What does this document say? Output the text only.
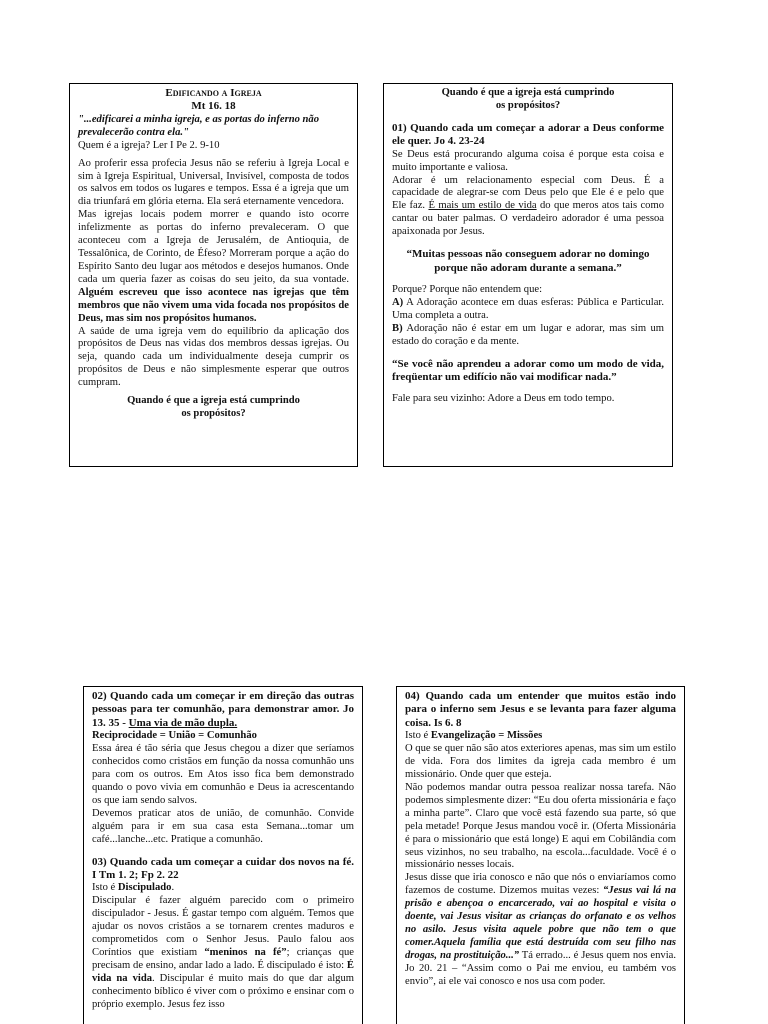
Edificando a Igreja

Mt 16. 18

"...edificarei a minha igreja, e as portas do inferno não prevalecerão contra ela."

Quem é a igreja? Ler I Pe 2. 9-10

Ao proferir essa profecia Jesus não se referiu à Igreja Local e sim à Igreja Espiritual, Universal, Invisível, composta de todos os salvos em todos os lugares e tempos. Essa é a igreja que um dia triunfará em glória eterna. Ela será eternamente vencedora.

Mas igrejas locais podem morrer e quando isto ocorre infelizmente as portas do inferno prevaleceram. O que aconteceu com a Igreja de Jerusalém, de Antioquia, de Tessalônica, de Corinto, de Éfeso? Morreram porque a ação do Espírito Santo deu lugar aos métodos e desejos humanos. Onde cada um queria fazer as coisas do seu jeito, da sua vontade. Alguém escreveu que isso acontece nas igrejas que têm membros que não vivem uma vida focada nos propósitos de Deus, mas sim nos propósitos humanos.

A saúde de uma igreja vem do equilíbrio da aplicação dos propósitos de Deus nas vidas dos membros dessas igrejas. Ou seja, quando cada um individualmente deseja cumprir os propósitos de Deus e não simplesmente esperar que outros cumpram.

Quando é que a igreja está cumprindo

os propósitos?

Quando é que a igreja está cumprindo

os propósitos?

01) Quando cada um começar a adorar a Deus conforme ele quer. Jo 4. 23-24

Se Deus está procurando alguma coisa é porque esta coisa e muito importante e valiosa.

Adorar é um relacionamento especial com Deus. É a capacidade de alegrar-se com Deus pelo que Ele é e pelo que Ele faz. É mais um estilo de vida do que meros atos tais como cantar ou bater palmas. O verdadeiro adorador é uma pessoa apaixonada por Jesus.

“Muitas pessoas não conseguem adorar no domingo porque não adoram durante a semana.”

Porque? Porque não entendem que:

A) A Adoração acontece em duas esferas: Pública e Particular. Uma completa a outra.

B) Adoração não é estar em um lugar e adorar, mas sim um estado do coração e da mente.

“Se você não aprendeu a adorar como um modo de vida, freqüentar um edifício não vai modificar nada.”

Fale para seu vizinho: Adore a Deus em todo tempo.

02) Quando cada um começar ir em direção das outras pessoas para ter comunhão, para demonstrar amor. Jo 13. 35 - Uma via de mão dupla.

Reciprocidade = União = Comunhão

Essa área é tão séria que Jesus chegou a dizer que seríamos conhecidos como cristãos em função da nossa comunhão uns para com os outros. Em Atos isso fica bem demonstrado quando o povo vivia em comunhão e Deus ia acrescentando os que iam sendo salvos.

Devemos praticar atos de união, de comunhão. Convide alguém para ir em sua casa esta Semana...tomar um café...lanche...etc. Pratique a comunhão.

03) Quando cada um começar a cuidar dos novos na fé. I Tm 1. 2; Fp 2. 22

Isto é Discipulado.

Discipular é fazer alguém parecido com o primeiro discipulador - Jesus. É gastar tempo com alguém. Temos que ajudar os novos cristãos a se tornarem crentes maduros e comprometidos com o Senhor Jesus. Paulo falou aos Coríntios que existiam “meninos na fé”; crianças que precisam de ensino, andar lado a lado. É discipulado é isto: É vida na vida. Discipular é muito mais do que dar algum conhecimento bíblico é viver com o próximo e ensinar com o próprio exemplo. Jesus fez isso

04) Quando cada um entender que muitos estão indo para o inferno sem Jesus e se levanta para fazer alguma coisa. Is 6. 8

Isto é Evangelização = Missões

O que se quer não são atos exteriores apenas, mas sim um estilo de vida. Fora dos limites da igreja cada membro é um missionário. Onde quer que esteja.

Não podemos mandar outra pessoa realizar nossa tarefa. Não podemos simplesmente dizer: “Eu dou oferta missionária e faço a minha parte”. Claro que você está fazendo sua parte, só que pela metade! Porque Jesus mandou você ir. (Oferta Missionária é para o missionário que está longe) E aqui em Cobilândia com seus vizinhos, no seu trabalho, na escola...faculdade. Você é o missionário nesses locais.

Jesus disse que iria conosco e não que nós o enviaríamos como fazemos de costume. Dizemos muitas vezes: “Jesus vai lá na prisão e abençoa o encarcerado, vai ao hospital e visita o doente, vai Jesus visitar as crianças do orfanato e os velhos no asilo. Jesus visita aquele pobre que não tem o que comer.Aquela família que está destruída com seu filho nas drogas, na prostituição...” Tá errado... é Jesus quem nos envia. Jo 20. 21 – “Assim como o Pai me enviou, eu também vos envio”, ai ele vai conosco e nos usa com poder.
